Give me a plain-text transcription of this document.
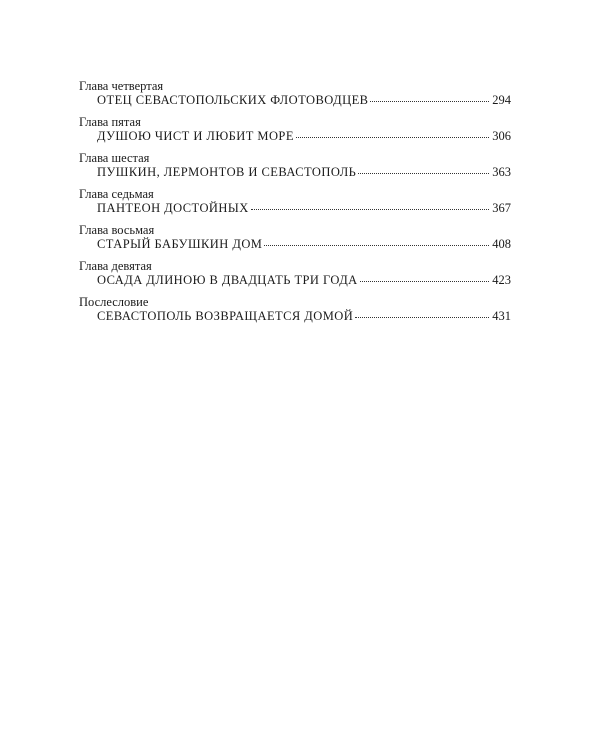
Глава четвертая
ОТЕЦ СЕВАСТОПОЛЬСКИХ ФЛОТОВОДЦЕВ	294
Глава пятая
ДУШОЮ ЧИСТ И ЛЮБИТ МОРЕ	306
Глава шестая
ПУШКИН, ЛЕРМОНТОВ И СЕВАСТОПОЛЬ	363
Глава седьмая
ПАНТЕОН ДОСТОЙНЫХ	367
Глава восьмая
СТАРЫЙ БАБУШКИН ДОМ	408
Глава девятая
ОСАДА ДЛИНОЮ В ДВАДЦАТЬ ТРИ ГОДА	423
Послесловие
СЕВАСТОПОЛЬ ВОЗВРАЩАЕТСЯ ДОМОЙ	431
